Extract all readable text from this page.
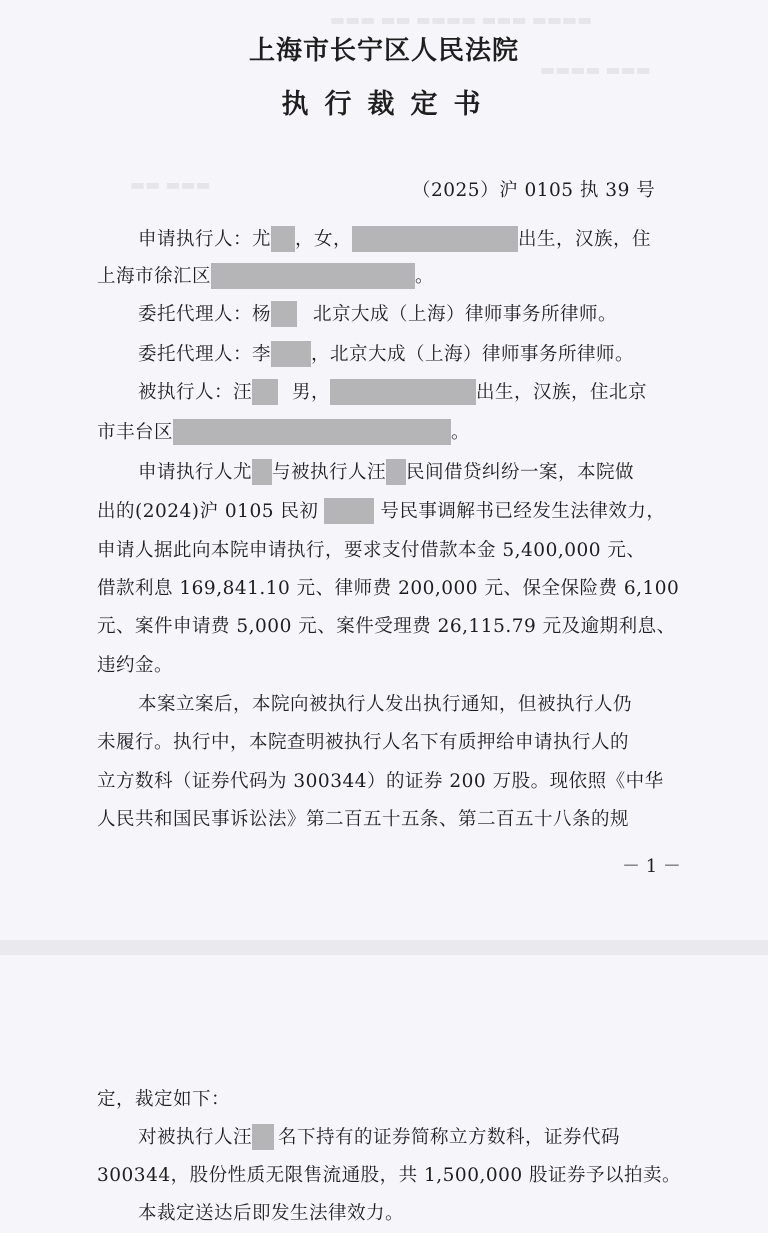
▬▬▬ ▬▬ ▬▬▬▬ ▬▬▬ ▬▬▬▬
▬▬▬▬ ▬▬▬
▬▬ ▬▬▬
上海市长宁区人民法院
执行裁定书
（2025）沪 0105 执 39 号
申请执行人：尤 ，女，	出生，汉族，住
上海市徐汇区	。
委托代理人：杨 北京大成（上海）律师事务所律师。
委托代理人：李 ，北京大成（上海）律师事务所律师。
被执行人：汪 男，	出生，汉族，住北京
市丰台区	。
申请执行人尤 与被执行人汪 民间借贷纠纷一案，本院做
出的(2024)沪 0105 民初	号民事调解书已经发生法律效力，
申请人据此向本院申请执行，要求支付借款本金 5,400,000 元、
借款利息 169,841.10 元、律师费 200,000 元、保全保险费 6,100
元、案件申请费 5,000 元、案件受理费 26,115.79 元及逾期利息、
违约金。
本案立案后，本院向被执行人发出执行通知，但被执行人仍
未履行。执行中，本院查明被执行人名下有质押给申请执行人的
立方数科（证券代码为 300344）的证券 200 万股。现依照《中华
人民共和国民事诉讼法》第二百五十五条、第二百五十八条的规
－ 1 －
定，裁定如下：
对被执行人汪 名下持有的证券简称立方数科，证券代码
300344，股份性质无限售流通股，共 1,500,000 股证券予以拍卖。
本裁定送达后即发生法律效力。
